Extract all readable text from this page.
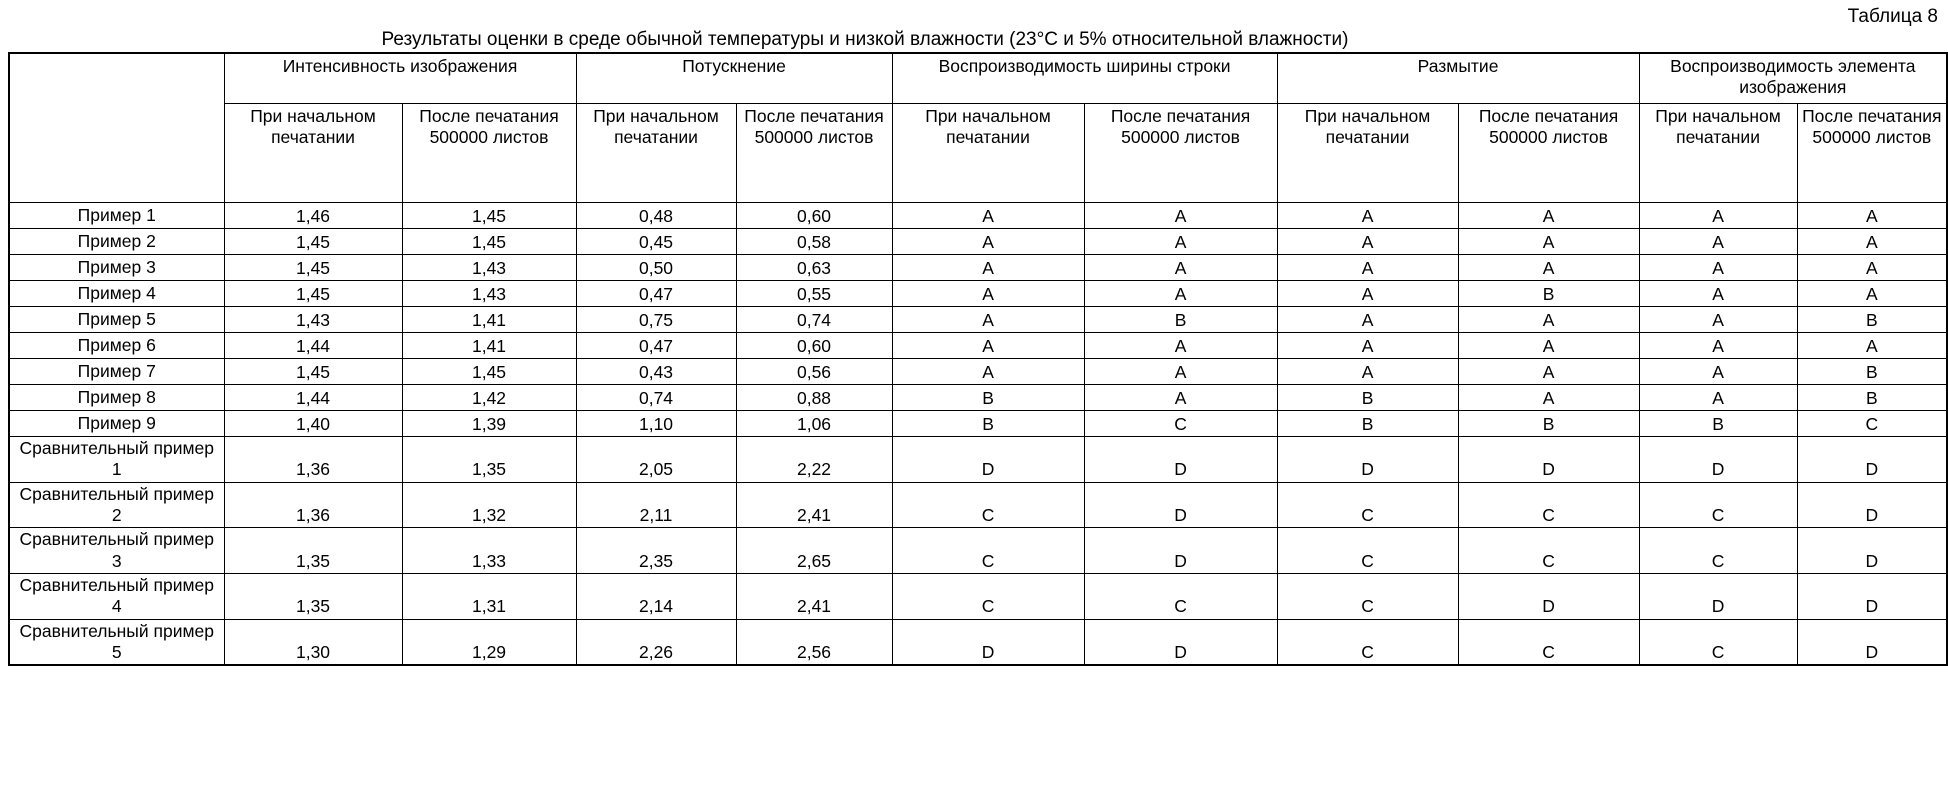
Таблица 8
Результаты оценки в среде обычной температуры и низкой влажности (23°C и 5% относительной влажности)
	Интенсивность изображения		Потускнение		Воспроизводимость ширины строки		Размытие		Воспроизводимость элемента изображения	
	При начальном печатании	После печатания 500000 листов	При начальном печатании	После печатания 500000 листов	При начальном печатании	После печатания 500000 листов	При начальном печатании	После печатания 500000 листов	При начальном печатании	После печатания 500000 листов
Пример 1	1,46	1,45	0,48	0,60	A	A	A	A	A	A
Пример 2	1,45	1,45	0,45	0,58	A	A	A	A	A	A
Пример 3	1,45	1,43	0,50	0,63	A	A	A	A	A	A
Пример 4	1,45	1,43	0,47	0,55	A	A	A	B	A	A
Пример 5	1,43	1,41	0,75	0,74	A	B	A	A	A	B
Пример 6	1,44	1,41	0,47	0,60	A	A	A	A	A	A
Пример 7	1,45	1,45	0,43	0,56	A	A	A	A	A	B
Пример 8	1,44	1,42	0,74	0,88	B	A	B	A	A	B
Пример 9	1,40	1,39	1,10	1,06	B	C	B	B	B	C
Сравнительный пример 1	1,36	1,35	2,05	2,22	D	D	D	D	D	D
Сравнительный пример 2	1,36	1,32	2,11	2,41	C	D	C	C	C	D
Сравнительный пример 3	1,35	1,33	2,35	2,65	C	D	C	C	C	D
Сравнительный пример 4	1,35	1,31	2,14	2,41	C	C	C	D	D	D
Сравнительный пример 5	1,30	1,29	2,26	2,56	D	D	C	C	C	D
